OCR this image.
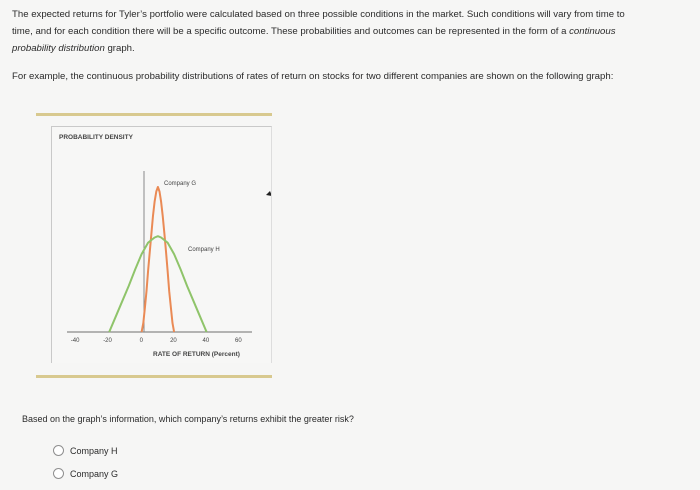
The expected returns for Tyler’s portfolio were calculated based on three possible conditions in the market. Such conditions will vary from time to
time, and for each condition there will be a specific outcome. These probabilities and outcomes can be represented in the form of a continuous
probability distribution graph.
For example, the continuous probability distributions of rates of return on stocks for two different companies are shown on the following graph:
PROBABILITY DENSITY
-40	-20	0	20	40	60
Company G
Company H
RATE OF RETURN (Percent)
Based on the graph’s information, which company’s returns exhibit the greater risk?
Company H
Company G
